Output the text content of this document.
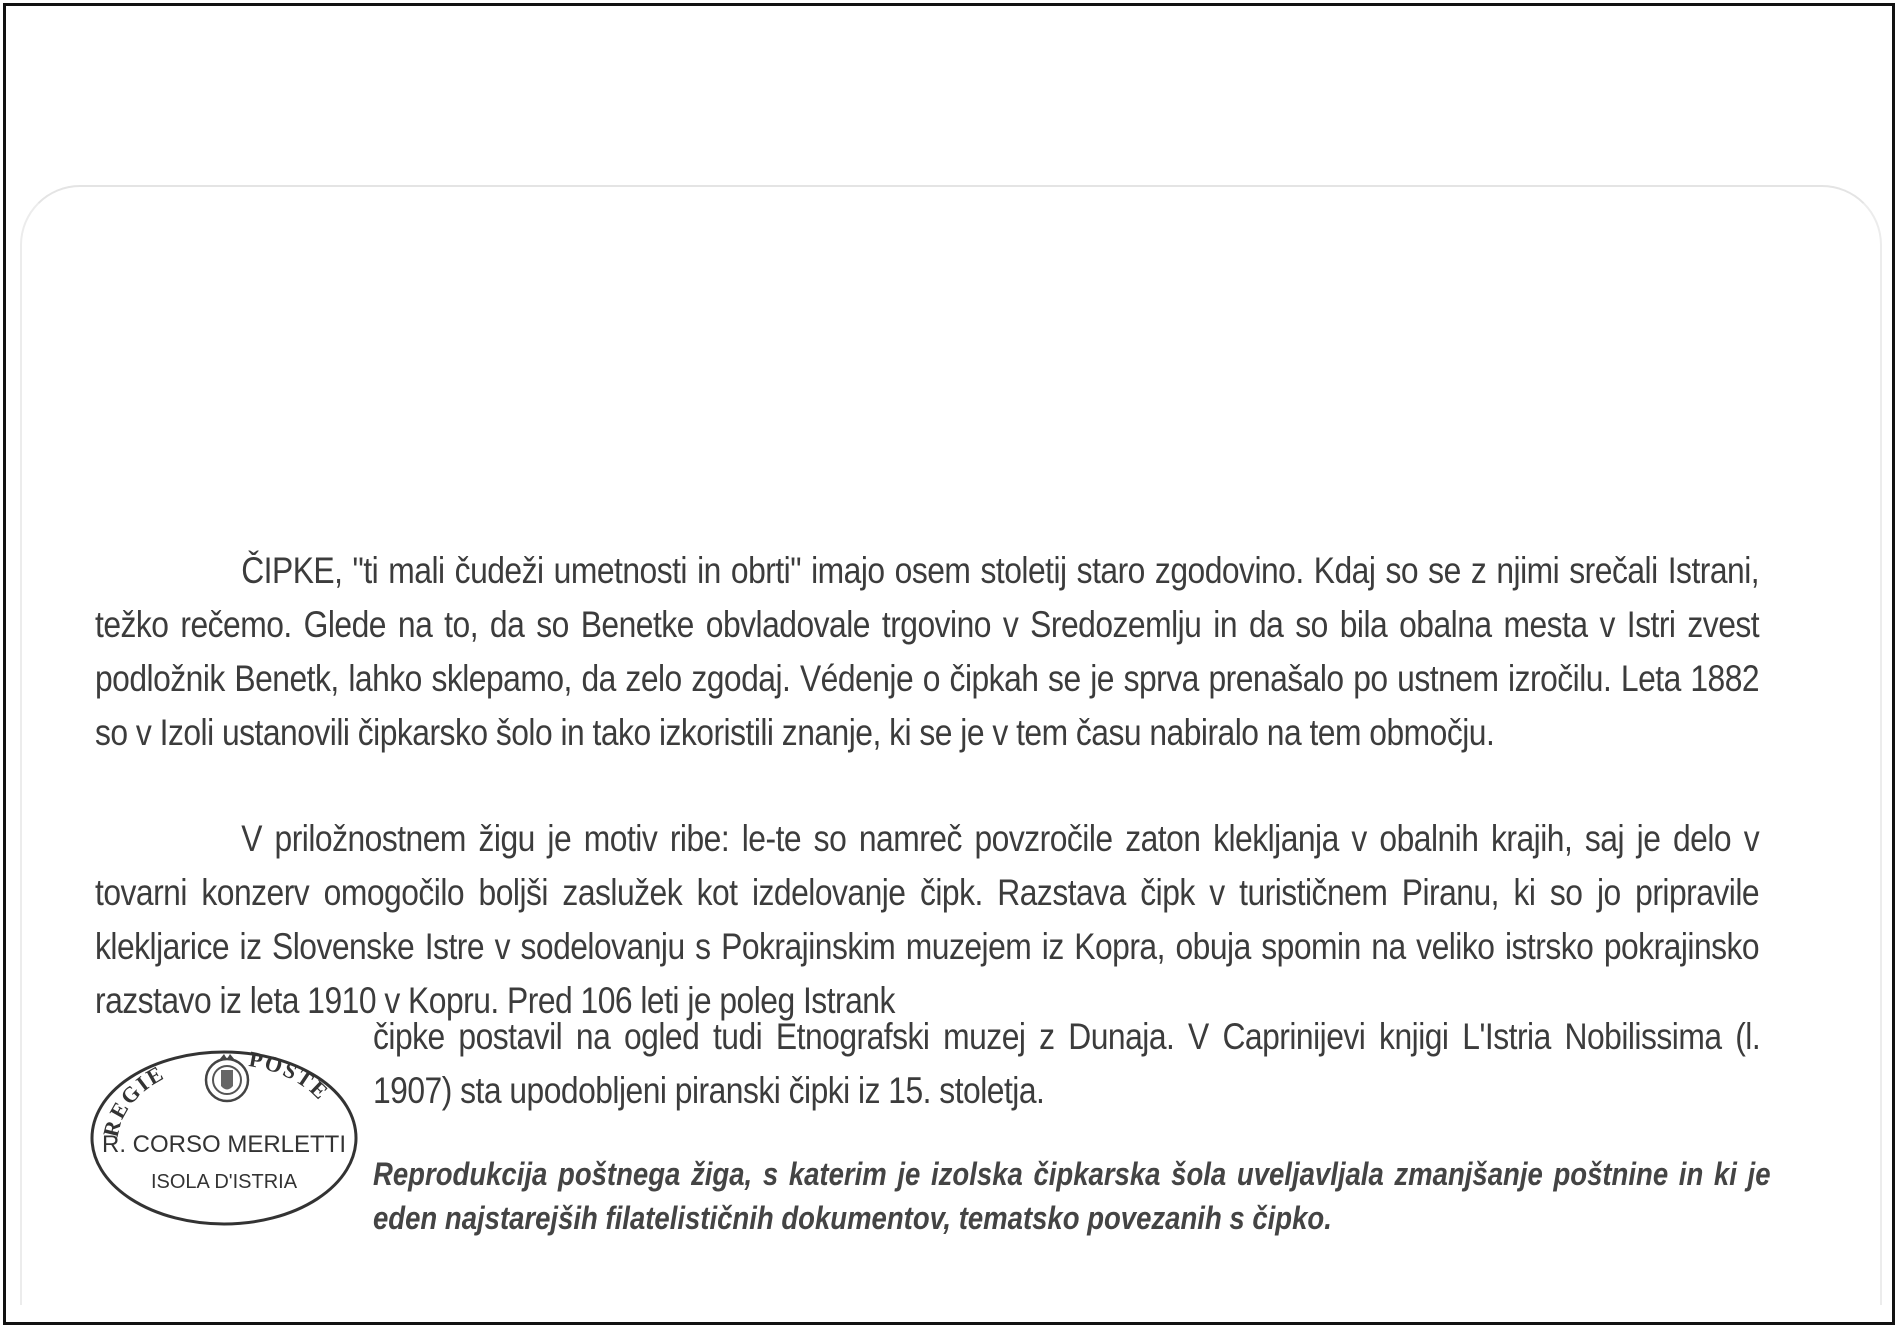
ČIPKE, "ti mali čudeži umetnosti in obrti" imajo osem stoletij staro zgodovino. Kdaj so se z njimi srečali Istrani, težko rečemo. Glede na to, da so Benetke obvladovale trgovino v Sredozemlju in da so bila obalna mesta v Istri zvest podložnik Benetk, lahko sklepamo, da zelo zgodaj. Védenje o čipkah se je sprva prenašalo po ustnem izročilu. Leta 1882 so v Izoli ustanovili čipkarsko šolo in tako izkoristili znanje, ki se je v tem času nabiralo na tem območju.
V priložnostnem žigu je motiv ribe: le-te so namreč povzročile zaton klekljanja v obalnih krajih, saj je delo v tovarni konzerv omogočilo boljši zaslužek kot izdelovanje čipk. Razstava čipk v turističnem Piranu, ki so jo pripravile klekljarice iz Slovenske Istre v sodelovanju s Pokrajinskim muzejem iz Kopra, obuja spomin na veliko istrsko pokrajinsko razstavo iz leta 1910 v Kopru. Pred 106 leti je poleg Istrank
čipke postavil na ogled tudi Etnografski muzej z Dunaja. V Caprinijevi knjigi L'Istria Nobilissima (l. 1907) sta upodobljeni piranski čipki iz 15. stoletja.
REGIE
POSTE
R. CORSO MERLETTI
ISOLA D'ISTRIA Reprodukcija poštnega žiga, s katerim je izolska čipkarska šola uveljavljala zmanjšanje poštnine in ki je eden najstarejših filatelističnih dokumentov, tematsko povezanih s čipko.
